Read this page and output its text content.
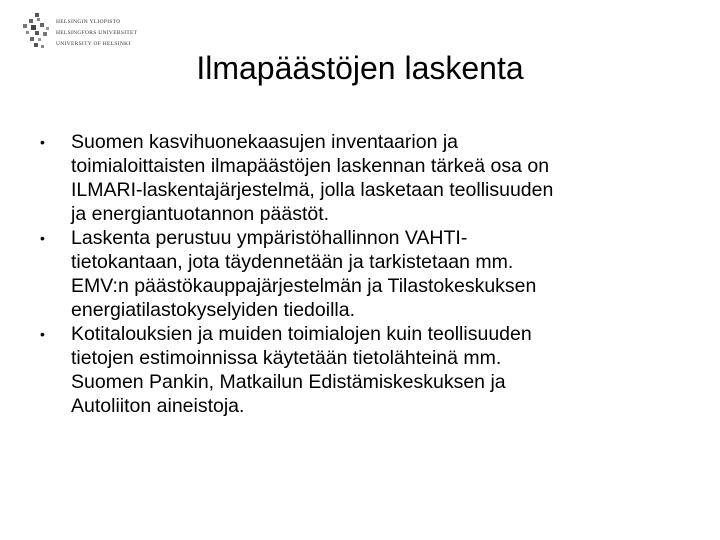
HELSINGIN YLIOPISTO
HELSINGFORS UNIVERSITET
UNIVERSITY OF HELSINKI
Ilmapäästöjen laskenta
• Suomen kasvihuonekaasujen inventaarion ja
toimialoittaisten ilmapäästöjen laskennan tärkeä osa on
ILMARI-laskentajärjestelmä, jolla lasketaan teollisuuden
ja energiantuotannon päästöt.
• Laskenta perustuu ympäristöhallinnon VAHTI-
tietokantaan, jota täydennetään ja tarkistetaan mm.
EMV:n päästökauppajärjestelmän ja Tilastokeskuksen
energiatilastokyselyiden tiedoilla.
• Kotitalouksien ja muiden toimialojen kuin teollisuuden
tietojen estimoinnissa käytetään tietolähteinä mm.
Suomen Pankin, Matkailun Edistämiskeskuksen ja
Autoliiton aineistoja.
